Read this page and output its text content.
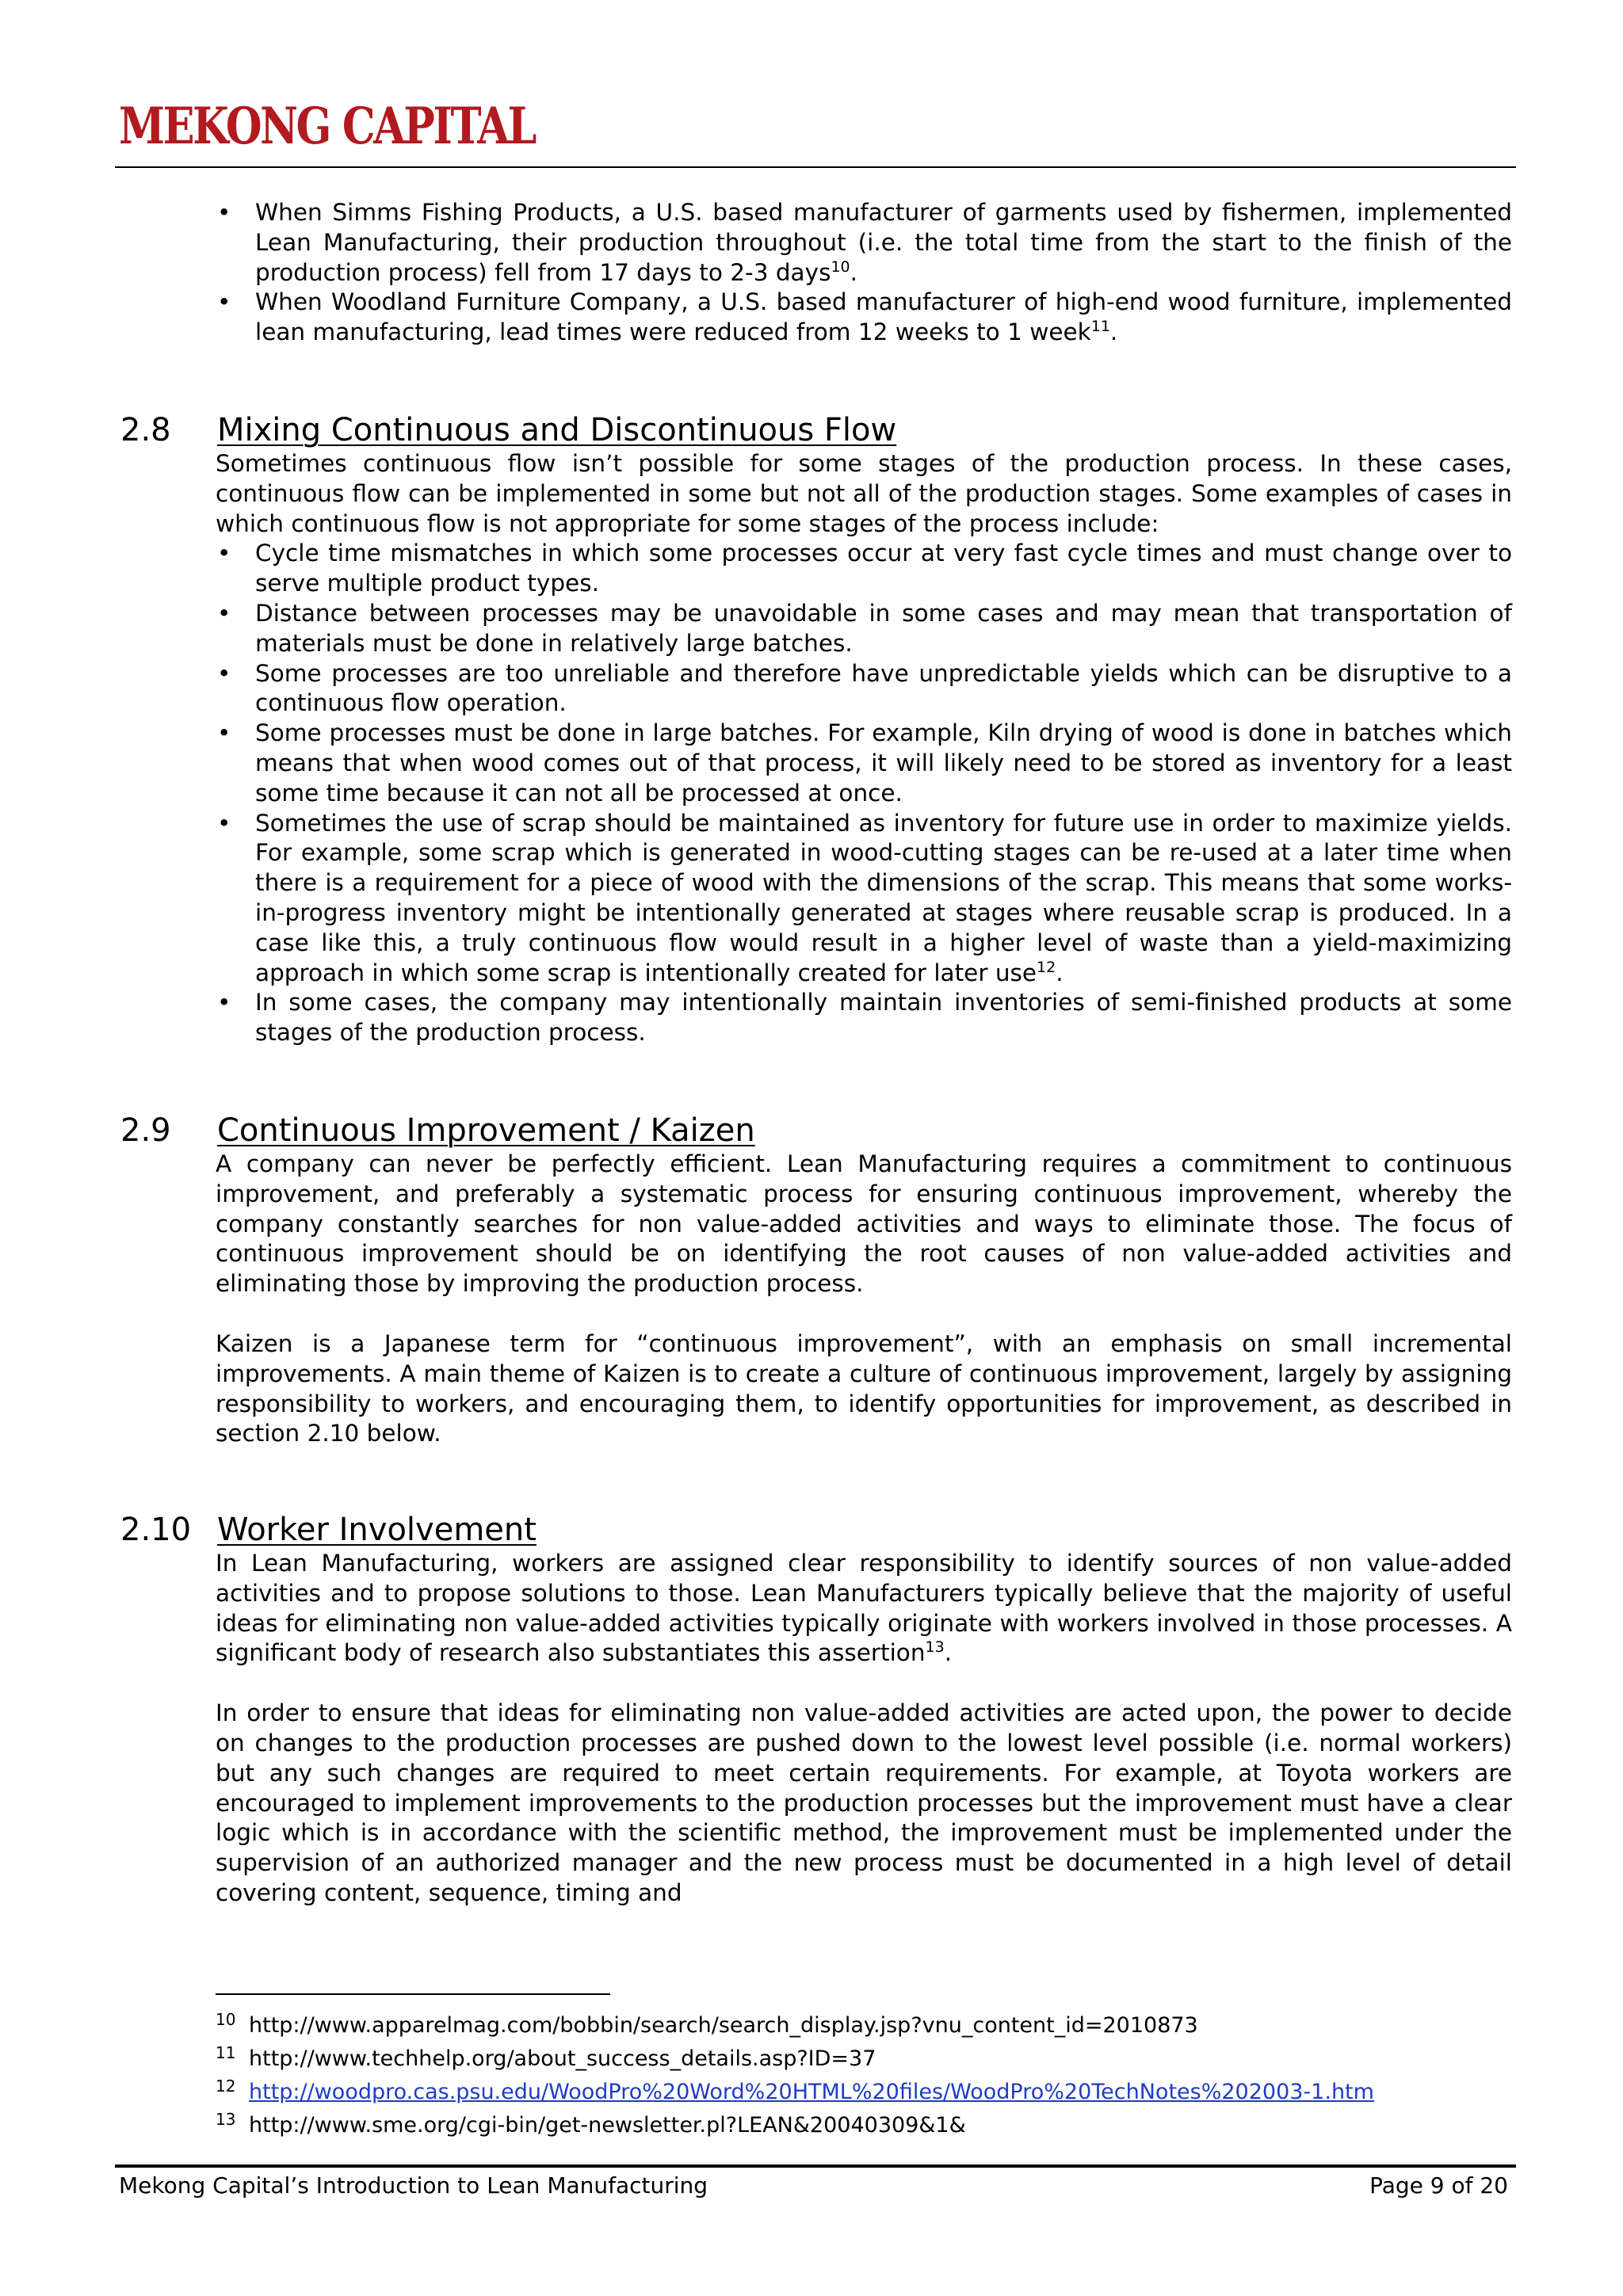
MEKONG CAPITAL
• When Simms Fishing Products, a U.S. based manufacturer of garments used by fishermen, implemented Lean Manufacturing, their production throughout (i.e. the total time from the start to the finish of the production process) fell from 17 days to 2-3 days$^{10}$.
• When Woodland Furniture Company, a U.S. based manufacturer of high-end wood furniture, implemented lean manufacturing, lead times were reduced from 12 weeks to 1 week$^{11}$.
2.8 Mixing Continuous and Discontinuous Flow

Sometimes continuous flow isn’t possible for some stages of the production process. In these cases, continuous flow can be implemented in some but not all of the production stages. Some examples of cases in which continuous flow is not appropriate for some stages of the process include:

• Cycle time mismatches in which some processes occur at very fast cycle times and must change over to serve multiple product types.
• Distance between processes may be unavoidable in some cases and may mean that transportation of materials must be done in relatively large batches.
• Some processes are too unreliable and therefore have unpredictable yields which can be disruptive to a continuous flow operation.
• Some processes must be done in large batches. For example, Kiln drying of wood is done in batches which means that when wood comes out of that process, it will likely need to be stored as inventory for a least some time because it can not all be processed at once.
• Sometimes the use of scrap should be maintained as inventory for future use in order to maximize yields. For example, some scrap which is generated in wood-cutting stages can be re-used at a later time when there is a requirement for a piece of wood with the dimensions of the scrap. This means that some works-in-progress inventory might be intentionally generated at stages where reusable scrap is produced. In a case like this, a truly continuous flow would result in a higher level of waste than a yield-maximizing approach in which some scrap is intentionally created for later use$^{12}$.
• In some cases, the company may intentionally maintain inventories of semi-finished products at some stages of the production process.
2.9 Continuous Improvement / Kaizen

A company can never be perfectly efficient. Lean Manufacturing requires a commitment to continuous improvement, and preferably a systematic process for ensuring continuous improvement, whereby the company constantly searches for non value-added activities and ways to eliminate those. The focus of continuous improvement should be on identifying the root causes of non value-added activities and eliminating those by improving the production process.

Kaizen is a Japanese term for “continuous improvement”, with an emphasis on small incremental improvements. A main theme of Kaizen is to create a culture of continuous improvement, largely by assigning responsibility to workers, and encouraging them, to identify opportunities for improvement, as described in section 2.10 below.

2.10 Worker Involvement

In Lean Manufacturing, workers are assigned clear responsibility to identify sources of non value-added activities and to propose solutions to those. Lean Manufacturers typically believe that the majority of useful ideas for eliminating non value-added activities typically originate with workers involved in those processes. A significant body of research also substantiates this assertion$^{13}$.

In order to ensure that ideas for eliminating non value-added activities are acted upon, the power to decide on changes to the production processes are pushed down to the lowest level possible (i.e. normal workers) but any such changes are required to meet certain requirements. For example, at Toyota workers are encouraged to implement improvements to the production processes but the improvement must have a clear logic which is in accordance with the scientific method, the improvement must be implemented under the supervision of an authorized manager and the new process must be documented in a high level of detail covering content, sequence, timing and

10 http://www.apparelmag.com/bobbin/search/search_display.jsp?vnu_content_id=2010873
11 http://www.techhelp.org/about_success_details.asp?ID=37
12 http://woodpro.cas.psu.edu/WoodPro%20Word%20HTML%20files/WoodPro%20TechNotes%202003-1.htm
13 http://www.sme.org/cgi-bin/get-newsletter.pl?LEAN&20040309&1&
Mekong Capital’s Introduction to Lean Manufacturing	Page 9 of 20
